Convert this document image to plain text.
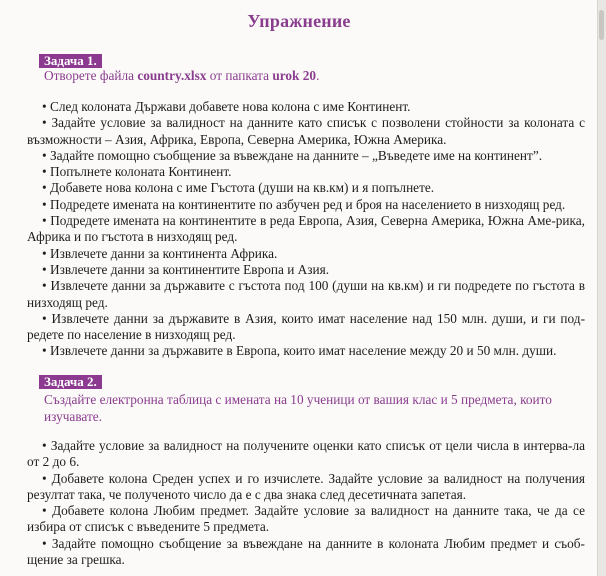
Упражнение
Задача 1.
Отворете файла country.xlsx от папката urok 20.
• След колоната Държави добавете нова колона с име Континент.
• Задайте условие за валидност на данните като списък с позволени стойности за колоната с възможности – Азия, Африка, Европа, Северна Америка, Южна Америка.
• Задайте помощно съобщение за въвеждане на данните – „Въведете име на континент”.
• Попълнете колоната Континент.
• Добавете нова колона с име Гъстота (души на кв.км) и я попълнете.
• Подредете имената на континентите по азбучен ред и броя на населението в низходящ ред.
• Подредете имената на континентите в реда Европа, Азия, Северна Америка, Южна Аме-рика, Африка и по гъстота в низходящ ред.
• Извлечете данни за континента Африка.
• Извлечете данни за континентите Европа и Азия.
• Извлечете данни за държавите с гъстота под 100 (души на кв.км) и ги подредете по гъстота в низходящ ред.
• Извлечете данни за държавите в Азия, които имат население над 150 млн. души, и ги под-редете по население в низходящ ред.
• Извлечете данни за държавите в Европа, които имат население между 20 и 50 млн. души.
Задача 2.
Създайте електронна таблица с имената на 10 ученици от вашия клас и 5 предмета, които изучавате.
• Задайте условие за валидност на получените оценки като списък от цели числа в интерва-ла от 2 до 6.
• Добавете колона Среден успех и го изчислете. Задайте условие за валидност на получения резултат така, че полученото число да е с два знака след десетичната запетая.
• Добавете колона Любим предмет. Задайте условие за валидност на данните така, че да се избира от списък с въведените 5 предмета.
• Задайте помощно съобщение за въвеждане на данните в колоната Любим предмет и съоб-щение за грешка.
